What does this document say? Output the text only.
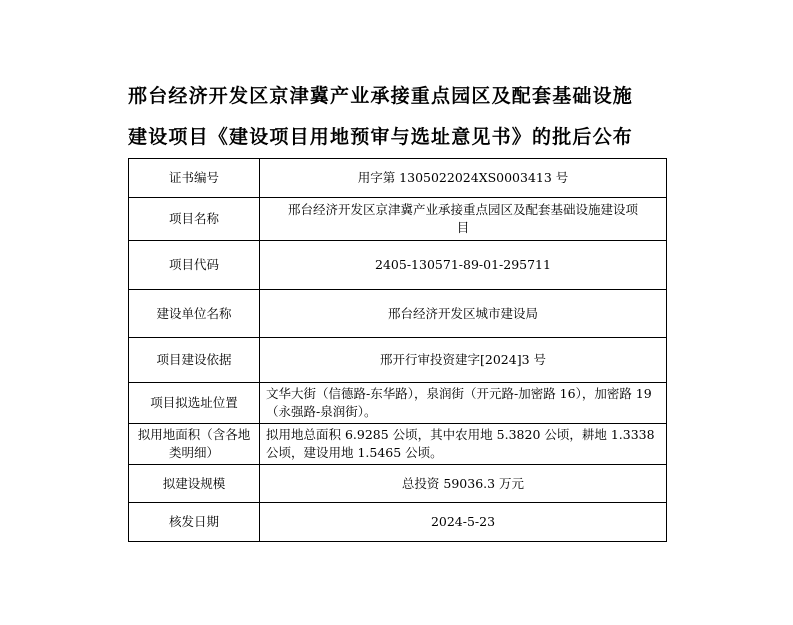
邢台经济开发区京津冀产业承接重点园区及配套基础设施
建设项目《建设项目用地预审与选址意见书》的批后公布
证书编号	用字第 1305022024XS0003413 号
项目名称	邢台经济开发区京津冀产业承接重点园区及配套基础设施建设项目
项目代码	2405-130571-89-01-295711
建设单位名称	邢台经济开发区城市建设局
项目建设依据	邢开行审投资建字[2024]3 号
项目拟选址位置	文华大街（信德路-东华路），泉润街（开元路-加密路 16），加密路 19（永强路-泉润街）。
拟用地面积（含各地类明细）	拟用地总面积 6.9285 公顷，其中农用地 5.3820 公顷，耕地 1.3338 公顷，建设用地 1.5465 公顷。
拟建设规模	总投资 59036.3 万元
核发日期	2024-5-23
